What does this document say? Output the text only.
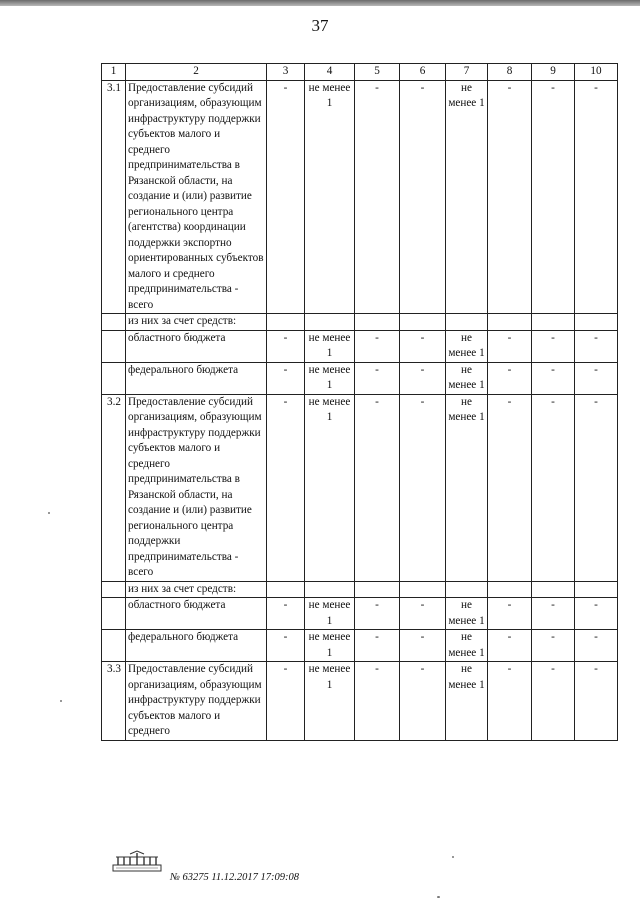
37
1	2	3	4	5	6	7	8	9	10
3.1	Предоставление субсидий организациям, образующим инфраструктуру поддержки субъектов малого и среднего предпринимательства в Рязанской области, на создание и (или) развитие регионального центра (агентства) координации поддержки экспортно ориентированных субъектов малого и среднего предпринимательства - всего	-	не менее 1	-	-	не менее 1	-	-	-
	из них за счет средств:								
	областного бюджета	-	не менее 1	-	-	не менее 1	-	-	-
	федерального бюджета	-	не менее 1	-	-	не менее 1	-	-	-
3.2	Предоставление субсидий организациям, образующим инфраструктуру поддержки субъектов малого и среднего предпринимательства в Рязанской области, на создание и (или) развитие регионального центра поддержки предпринимательства - всего	-	не менее 1	-	-	не менее 1	-	-	-
	из них за счет средств:								
	областного бюджета	-	не менее 1	-	-	не менее 1	-	-	-
	федерального бюджета	-	не менее 1	-	-	не менее 1	-	-	-
3.3	Предоставление субсидий организациям, образующим инфраструктуру поддержки субъектов малого и среднего	-	не менее 1	-	-	не менее 1	-	-	-
№ 63275 11.12.2017 17:09:08
